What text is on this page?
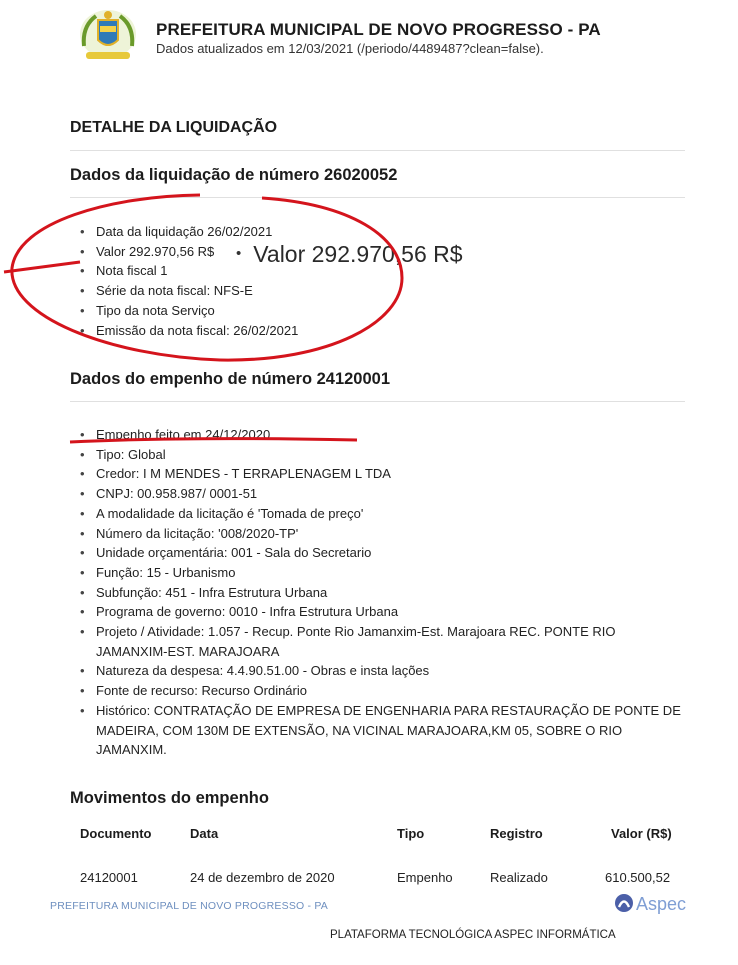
PREFEITURA MUNICIPAL DE NOVO PROGRESSO - PA
Dados atualizados em 12/03/2021 (/periodo/4489487?clean=false).
DETALHE DA LIQUIDAÇÃO
Dados da liquidação de número 26020052
• Data da liquidação 26/02/2021
• Valor 292.970,56 R$
• Nota fiscal 1
• Série da nota fiscal: NFS-E
• Tipo da nota Serviço
• Emissão da nota fiscal: 26/02/2021
• Valor 292.970,56 R$
Dados do empenho de número 24120001
• Empenho feito em 24/12/2020
• Tipo: Global
• Credor: I M MENDES - T ERRAPLENAGEM L TDA
• CNPJ: 00.958.987/ 0001-51
• A modalidade da licitação é 'Tomada de preço'
• Número da licitação: '008/2020-TP'
• Unidade orçamentária: 001 - Sala do Secretario
• Função: 15 - Urbanismo
• Subfunção: 451 - Infra Estrutura Urbana
• Programa de governo: 0010 - Infra Estrutura Urbana
• Projeto / Atividade: 1.057 - Recup. Ponte Rio Jamanxim-Est. Marajoara REC. PONTE RIO JAMANXIM-EST. MARAJOARA
• Natureza da despesa: 4.4.90.51.00 - Obras e insta lações
• Fonte de recurso: Recurso Ordinário
• Histórico: CONTRATAÇÃO DE EMPRESA DE ENGENHARIA PARA RESTAURAÇÃO DE PONTE DE MADEIRA, COM 130M DE EXTENSÃO, NA VICINAL MARAJOARA,KM 05, SOBRE O RIO JAMANXIM.
Movimentos do empenho
Documento	Data	Tipo	Registro	Valor (R$)
24120001	24 de dezembro de 2020	Empenho	Realizado	610.500,52
PREFEITURA MUNICIPAL DE NOVO PROGRESSO - PA	Aspec
PLATAFORMA TECNOLÓGICA ASPEC INFORMÁTICA
